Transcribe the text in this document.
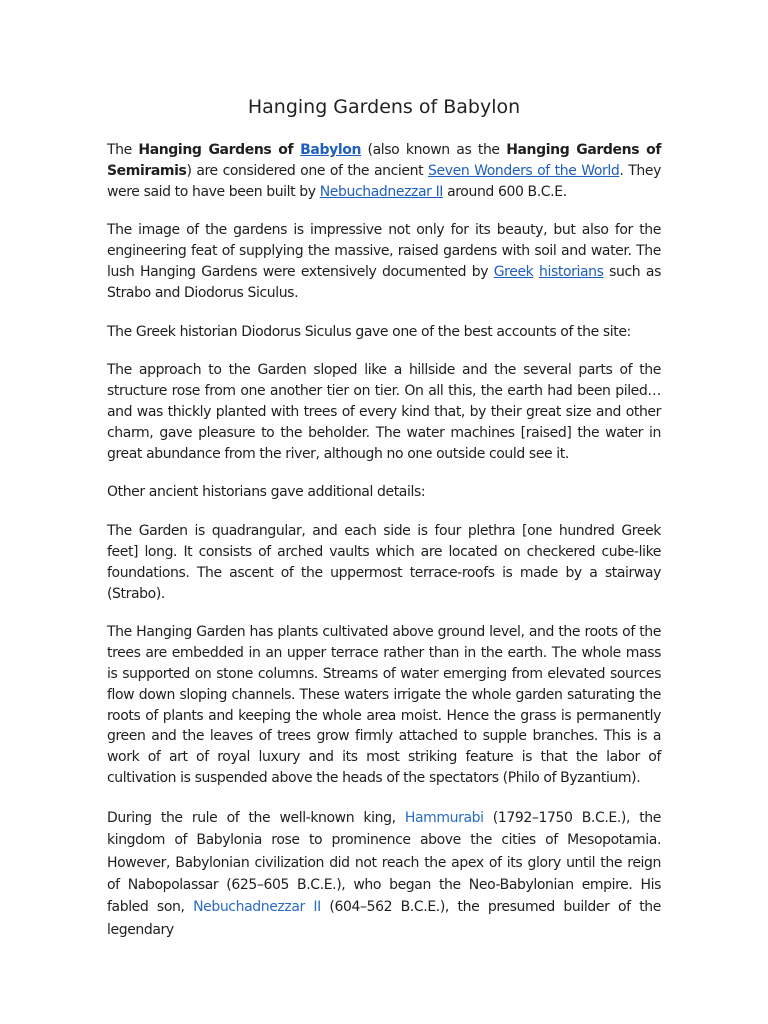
Hanging Gardens of Babylon

The Hanging Gardens of Babylon (also known as the Hanging Gardens of Semiramis) are considered one of the ancient Seven Wonders of the World. They were said to have been built by Nebuchadnezzar II around 600 B.C.E.

The image of the gardens is impressive not only for its beauty, but also for the engineering feat of supplying the massive, raised gardens with soil and water. The lush Hanging Gardens were extensively documented by Greek historians such as Strabo and Diodorus Siculus.

The Greek historian Diodorus Siculus gave one of the best accounts of the site:

The approach to the Garden sloped like a hillside and the several parts of the structure rose from one another tier on tier. On all this, the earth had been piled…and was thickly planted with trees of every kind that, by their great size and other charm, gave pleasure to the beholder. The water machines [raised] the water in great abundance from the river, although no one outside could see it.

Other ancient historians gave additional details:

The Garden is quadrangular, and each side is four plethra [one hundred Greek feet] long. It consists of arched vaults which are located on checkered cube-like foundations. The ascent of the uppermost terrace-roofs is made by a stairway (Strabo).

The Hanging Garden has plants cultivated above ground level, and the roots of the trees are embedded in an upper terrace rather than in the earth. The whole mass is supported on stone columns. Streams of water emerging from elevated sources flow down sloping channels. These waters irrigate the whole garden saturating the roots of plants and keeping the whole area moist. Hence the grass is permanently green and the leaves of trees grow firmly attached to supple branches. This is a work of art of royal luxury and its most striking feature is that the labor of cultivation is suspended above the heads of the spectators (Philo of Byzantium).

During the rule of the well-known king, Hammurabi (1792–1750 B.C.E.), the kingdom of Babylonia rose to prominence above the cities of Mesopotamia. However, Babylonian civilization did not reach the apex of its glory until the reign of Nabopolassar (625–605 B.C.E.), who began the Neo-Babylonian empire. His fabled son, Nebuchadnezzar II (604–562 B.C.E.), the presumed builder of the legendary
